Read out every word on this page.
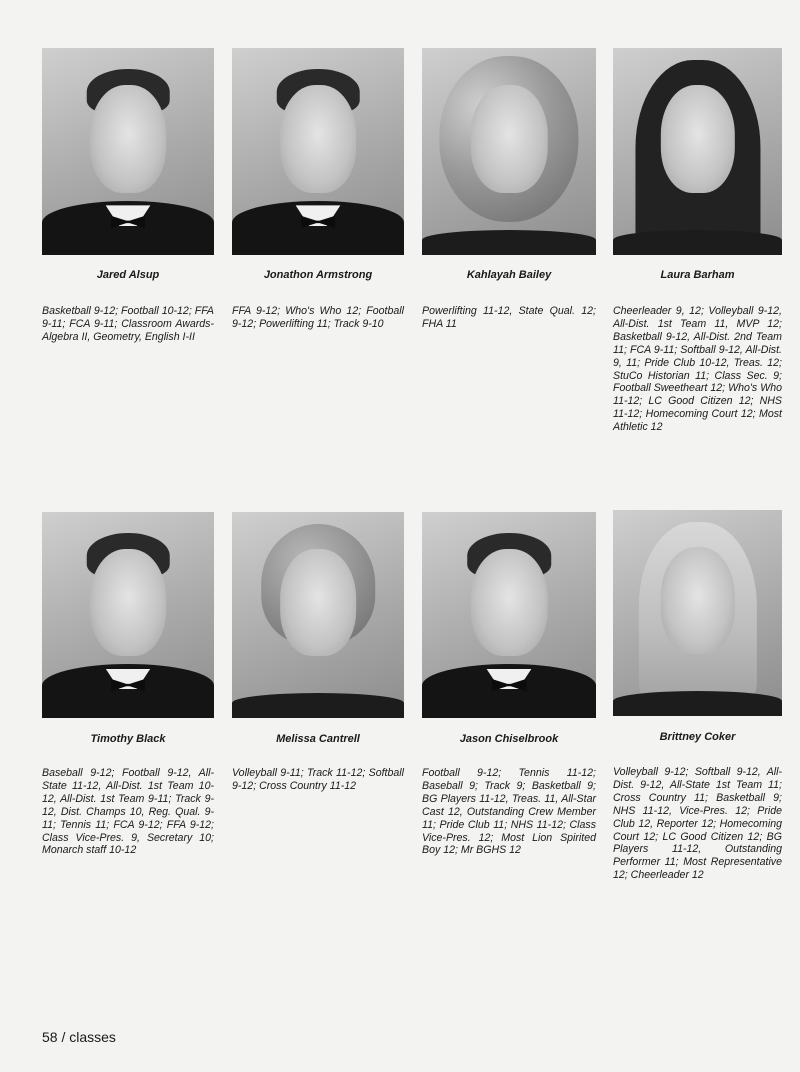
Jared Alsup
Basketball 9-12; Football 10-12; FFA 9-11; FCA 9-11; Classroom Awards-Algebra II, Geometry, English I-II
Jonathon Armstrong
FFA 9-12; Who's Who 12; Football 9-12; Powerlifting 11; Track 9-10
Kahlayah Bailey
Powerlifting 11-12, State Qual. 12; FHA 11
Laura Barham
Cheerleader 9, 12; Volleyball 9-12, All-Dist. 1st Team 11, MVP 12; Basketball 9-12, All-Dist. 2nd Team 11; FCA 9-11; Softball 9-12, All-Dist. 9, 11; Pride Club 10-12, Treas. 12; StuCo Historian 11; Class Sec. 9; Football Sweetheart 12; Who's Who 11-12; LC Good Citizen 12; NHS 11-12; Homecoming Court 12; Most Athletic 12
Timothy Black
Baseball 9-12; Football 9-12, All-State 11-12, All-Dist. 1st Team 10-12, All-Dist. 1st Team 9-11; Track 9-12, Dist. Champs 10, Reg. Qual. 9-11; Tennis 11; FCA 9-12; FFA 9-12; Class Vice-Pres. 9, Secretary 10; Monarch staff 10-12
Melissa Cantrell
Volleyball 9-11; Track 11-12; Softball 9-12; Cross Country 11-12
Jason Chiselbrook
Football 9-12; Tennis 11-12; Baseball 9; Track 9; Basketball 9; BG Players 11-12, Treas. 11, All-Star Cast 12, Outstanding Crew Member 11; Pride Club 11; NHS 11-12; Class Vice-Pres. 12; Most Lion Spirited Boy 12; Mr BGHS 12
Brittney Coker
Volleyball 9-12; Softball 9-12, All-Dist. 9-12, All-State 1st Team 11; Cross Country 11; Basketball 9; NHS 11-12, Vice-Pres. 12; Pride Club 12, Reporter 12; Homecoming Court 12; LC Good Citizen 12; BG Players 11-12, Outstanding Performer 11; Most Representative 12; Cheerleader 12
58 / classes
